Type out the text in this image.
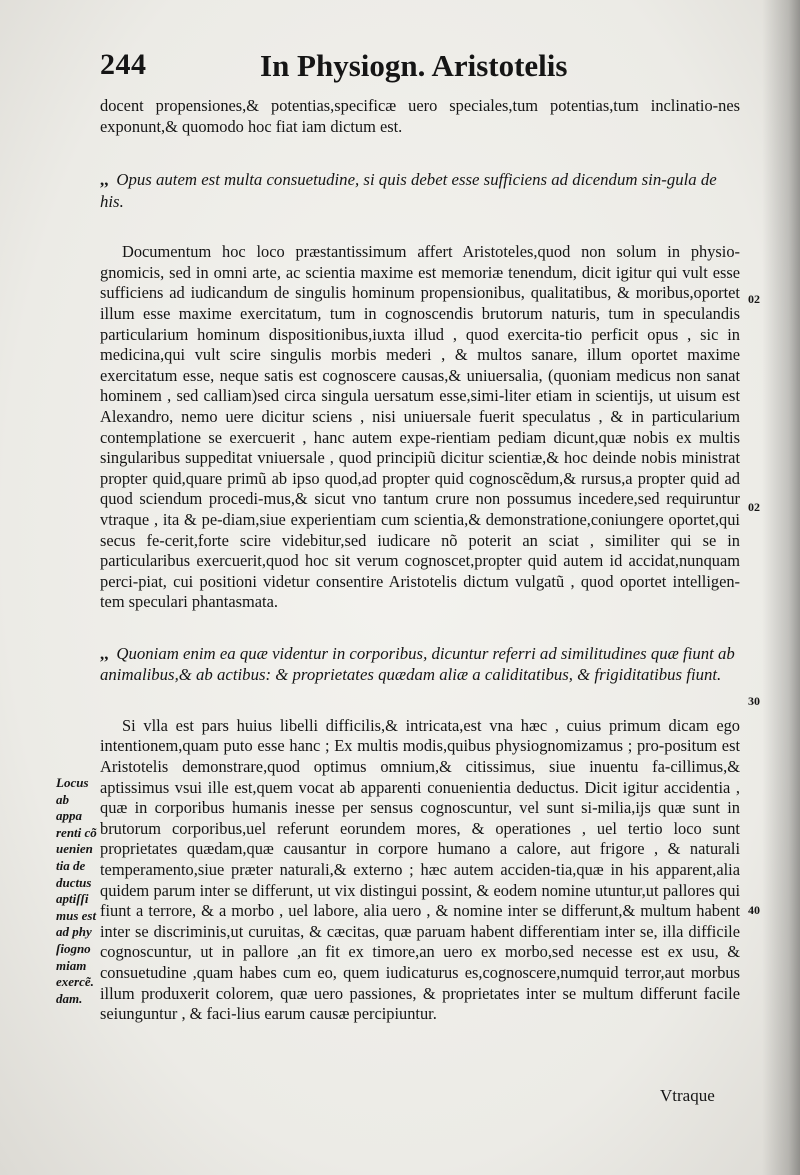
244	In Physiogn. Aristotelis

docent propensiones,& potentias,specificæ uero speciales,tum potentias,tum inclinatio-nes exponunt,& quomodo hoc fiat iam dictum est.

,, Opus autem est multa consuetudine, si quis debet esse sufficiens ad dicendum sin-gula de his.

Documentum hoc loco præstantissimum affert Aristoteles,quod non solum in physio-gnomicis, sed in omni arte, ac scientia maxime est memoriæ tenendum, dicit igitur qui vult esse sufficiens ad iudicandum de singulis hominum propensionibus, qualitatibus, & moribus,oportet illum esse maxime exercitatum, tum in cognoscendis brutorum naturis, tum in speculandis particularium hominum dispositionibus,iuxta illud , quod exercita-tio perficit opus , sic in medicina,qui vult scire singulis morbis mederi , & multos sanare, illum oportet maxime exercitatum esse, neque satis est cognoscere causas,& uniuersalia, (quoniam medicus non sanat hominem , sed calliam)sed circa singula uersatum esse,simi-liter etiam in scientijs, ut uisum est Alexandro, nemo uere dicitur sciens , nisi uniuersale fuerit speculatus , & in particularium contemplatione se exercuerit , hanc autem expe-rientiam pediam dicunt,quæ nobis ex multis singularibus suppeditat vniuersale , quod principiũ dicitur scientiæ,& hoc deinde nobis ministrat propter quid,quare primũ ab ipso quod,ad propter quid cognoscẽdum,& rursus,a propter quid ad quod sciendum procedi-mus,& sicut vno tantum crure non possumus incedere,sed requiruntur vtraque , ita & pe-diam,siue experientiam cum scientia,& demonstratione,coniungere oportet,qui secus fe-cerit,forte scire videbitur,sed iudicare nõ poterit an sciat , similiter qui se in particularibus exercuerit,quod hoc sit verum cognoscet,propter quid autem id accidat,nunquam perci-piat, cui positioni videtur consentire Aristotelis dictum vulgatũ , quod oportet intelligen-tem speculari phantasmata.

,, Quoniam enim ea quæ videntur in corporibus, dicuntur referri ad similitudines quæ fiunt ab animalibus,& ab actibus: & proprietates quædam aliæ a caliditatibus, & frigiditatibus fiunt.

Si vlla est pars huius libelli difficilis,& intricata,est vna hæc , cuius primum dicam ego intentionem,quam puto esse hanc ; Ex multis modis,quibus physiognomizamus ; pro-positum est Aristotelis demonstrare,quod optimus omnium,& citissimus, siue inuentu fa-cillimus,& aptissimus vsui ille est,quem vocat ab apparenti conuenientia deductus. Dicit igitur accidentia , quæ in corporibus humanis inesse per sensus cognoscuntur, vel sunt si-milia,ijs quæ sunt in brutorum corporibus,uel referunt eorundem mores, & operationes , uel tertio loco sunt proprietates quædam,quæ causantur in corpore humano a calore, aut frigore , & naturali temperamento,siue præter naturali,& externo ; hæc autem acciden-tia,quæ in his apparent,alia quidem parum inter se differunt, ut vix distingui possint, & eodem nomine utuntur,ut pallores qui fiunt a terrore, & a morbo , uel labore, alia uero , & nomine inter se differunt,& multum habent inter se discriminis,ut curuitas, & cæcitas, quæ paruam habent differentiam inter se, illa difficile cognoscuntur, ut in pallore ,an fit ex timore,an uero ex morbo,sed necesse est ex usu, & consuetudine ,quam habes cum eo, quem iudicaturus es,cognoscere,numquid terror,aut morbus illum produxerit colorem, quæ uero passiones, & proprietates inter se multum differunt facile seiunguntur , & faci-lius earum causæ percipiuntur.

Locus ab appa renti cõ uenien tia de ductus aptiſſi mus est ad phy ſiogno miam exercẽ. dam.
02
02
30
40
Vtraque
